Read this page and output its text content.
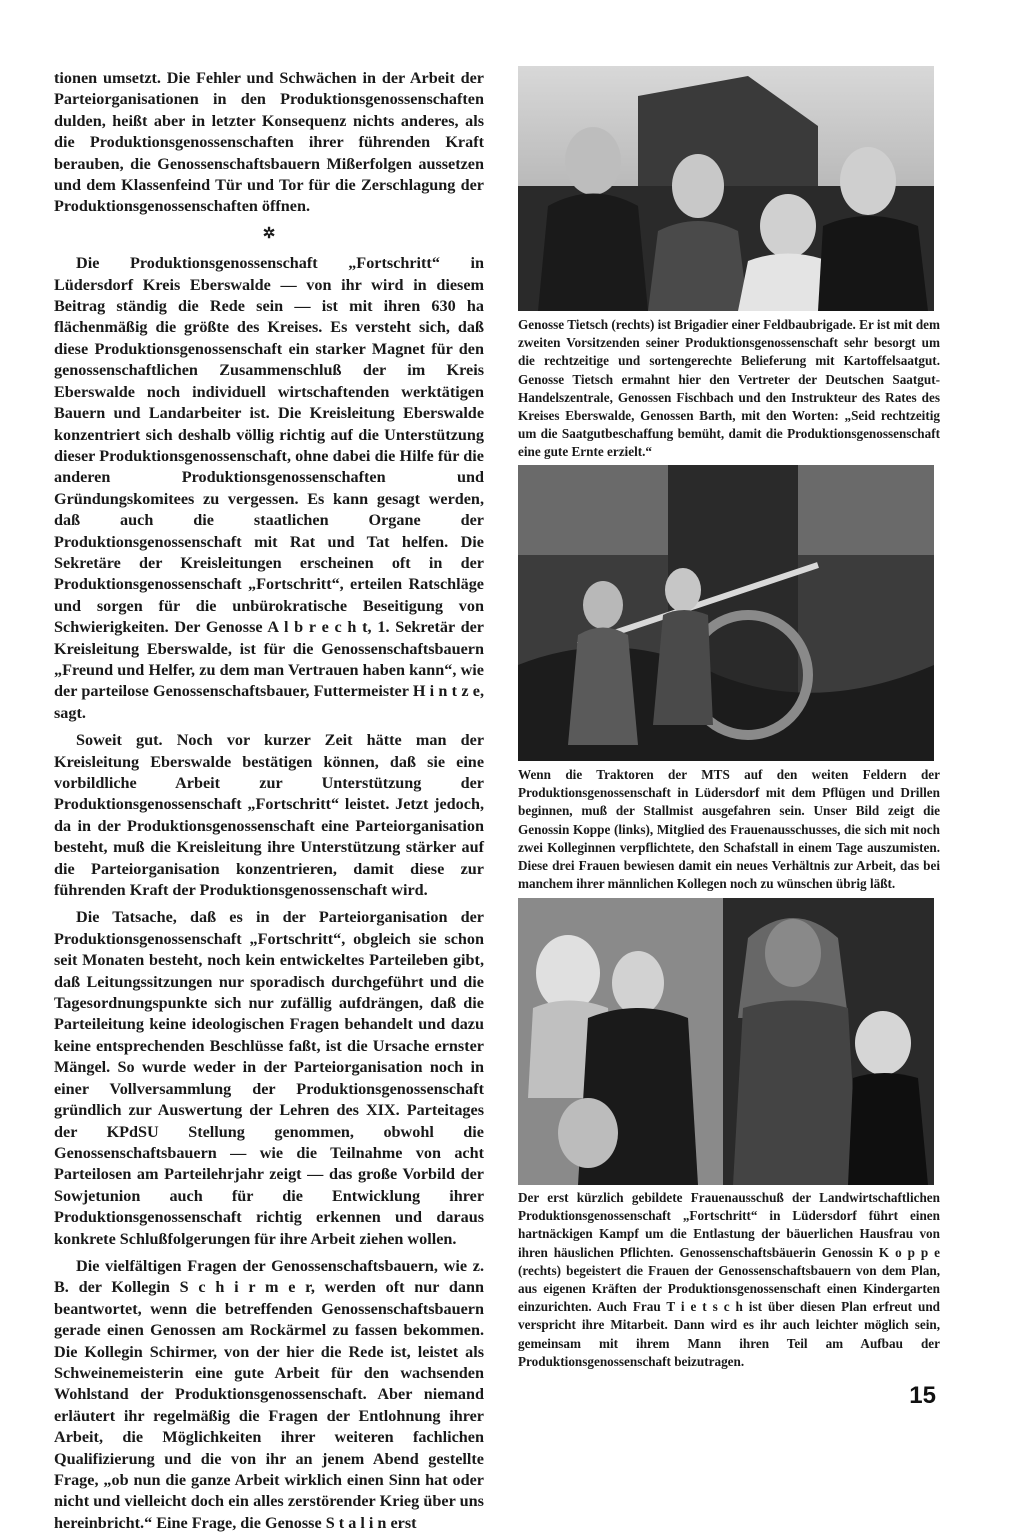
tionen umsetzt. Die Fehler und Schwächen in der Arbeit der Parteiorganisationen in den Produktionsgenossenschaften dulden, heißt aber in letzter Konsequenz nichts anderes, als die Produktionsgenossenschaften ihrer führenden Kraft berauben, die Genossenschaftsbauern Mißerfolgen aussetzen und dem Klassenfeind Tür und Tor für die Zerschlagung der Produktionsgenossenschaften öffnen.

✲

Die Produktionsgenossenschaft „Fortschritt“ in Lüdersdorf Kreis Eberswalde — von ihr wird in diesem Beitrag ständig die Rede sein — ist mit ihren 630 ha flächenmäßig die größte des Kreises. Es versteht sich, daß diese Produktionsgenossenschaft ein starker Magnet für den genossenschaftlichen Zusammenschluß der im Kreis Eberswalde noch individuell wirtschaftenden werktätigen Bauern und Landarbeiter ist. Die Kreisleitung Eberswalde konzentriert sich deshalb völlig richtig auf die Unterstützung dieser Produktionsgenossenschaft, ohne dabei die Hilfe für die anderen Produktionsgenossenschaften und Gründungskomitees zu vergessen. Es kann gesagt werden, daß auch die staatlichen Organe der Produktionsgenossenschaft mit Rat und Tat helfen. Die Sekretäre der Kreisleitungen erscheinen oft in der Produktionsgenossenschaft „Fortschritt“, erteilen Ratschläge und sorgen für die unbürokratische Beseitigung von Schwierigkeiten. Der Genosse A l b r e c h t, 1. Sekretär der Kreisleitung Eberswalde, ist für die Genossenschaftsbauern „Freund und Helfer, zu dem man Vertrauen haben kann“, wie der parteilose Genossenschaftsbauer, Futtermeister H i n t z e, sagt.

Soweit gut. Noch vor kurzer Zeit hätte man der Kreisleitung Eberswalde bestätigen können, daß sie eine vorbildliche Arbeit zur Unterstützung der Produktionsgenossenschaft „Fortschritt“ leistet. Jetzt jedoch, da in der Produktionsgenossenschaft eine Parteiorganisation besteht, muß die Kreisleitung ihre Unterstützung stärker auf die Parteiorganisation konzentrieren, damit diese zur führenden Kraft der Produktionsgenossenschaft wird.

Die Tatsache, daß es in der Parteiorganisation der Produktionsgenossenschaft „Fortschritt“, obgleich sie schon seit Monaten besteht, noch kein entwickeltes Parteileben gibt, daß Leitungssitzungen nur sporadisch durchgeführt und die Tagesordnungspunkte sich nur zufällig aufdrängen, daß die Parteileitung keine ideologischen Fragen behandelt und dazu keine entsprechenden Beschlüsse faßt, ist die Ursache ernster Mängel. So wurde weder in der Parteiorganisation noch in einer Vollversammlung der Produktionsgenossenschaft gründlich zur Auswertung der Lehren des XIX. Parteitages der KPdSU Stellung genommen, obwohl die Genossenschaftsbauern — wie die Teilnahme von acht Parteilosen am Parteilehrjahr zeigt — das große Vorbild der Sowjetunion auch für die Entwicklung ihrer Produktionsgenossenschaft richtig erkennen und daraus konkrete Schlußfolgerungen für ihre Arbeit ziehen wollen.

Die vielfältigen Fragen der Genossenschaftsbauern, wie z. B. der Kollegin S c h i r m e r, werden oft nur dann beantwortet, wenn die betreffenden Genossenschaftsbauern gerade einen Genossen am Rockärmel zu fassen bekommen. Die Kollegin Schirmer, von der hier die Rede ist, leistet als Schweinemeisterin eine gute Arbeit für den wachsenden Wohlstand der Produktionsgenossenschaft. Aber niemand erläutert ihr regelmäßig die Fragen der Entlohnung ihrer Arbeit, die Möglichkeiten ihrer weiteren fachlichen Qualifizierung und die von ihr an jenem Abend gestellte Frage, „ob nun die ganze Arbeit wirklich einen Sinn hat oder nicht und vielleicht doch ein alles zerstörender Krieg über uns hereinbricht.“ Eine Frage, die Genosse S t a l i n erst

Genosse Tietsch (rechts) ist Brigadier einer Feldbaubrigade. Er ist mit dem zweiten Vorsitzenden seiner Produktionsgenossenschaft sehr besorgt um die rechtzeitige und sortengerechte Belieferung mit Kartoffelsaatgut. Genosse Tietsch ermahnt hier den Vertreter der Deutschen Saatgut-Handelszentrale, Genossen Fischbach und den Instrukteur des Rates des Kreises Eberswalde, Genossen Barth, mit den Worten: „Seid rechtzeitig um die Saatgutbeschaffung bemüht, damit die Produktionsgenossenschaft eine gute Ernte erzielt.“
Wenn die Traktoren der MTS auf den weiten Feldern der Produktionsgenossenschaft in Lüdersdorf mit dem Pflügen und Drillen beginnen, muß der Stallmist ausgefahren sein. Unser Bild zeigt die Genossin Koppe (links), Mitglied des Frauenausschusses, die sich mit noch zwei Kolleginnen verpflichtete, den Schafstall in einem Tage auszumisten. Diese drei Frauen bewiesen damit ein neues Verhältnis zur Arbeit, das bei manchem ihrer männlichen Kollegen noch zu wünschen übrig läßt.
Der erst kürzlich gebildete Frauenausschuß der Landwirtschaftlichen Produktionsgenossenschaft „Fortschritt“ in Lüdersdorf führt einen hartnäckigen Kampf um die Entlastung der bäuerlichen Hausfrau von ihren häuslichen Pflichten. Genossenschaftsbäuerin Genossin K o p p e (rechts) begeistert die Frauen der Genossenschaftsbauern von dem Plan, aus eigenen Kräften der Produktionsgenossenschaft einen Kindergarten einzurichten. Auch Frau T i e t s c h ist über diesen Plan erfreut und verspricht ihre Mitarbeit. Dann wird es ihr auch leichter möglich sein, gemeinsam mit ihrem Mann ihren Teil am Aufbau der Produktionsgenossenschaft beizutragen.
15
